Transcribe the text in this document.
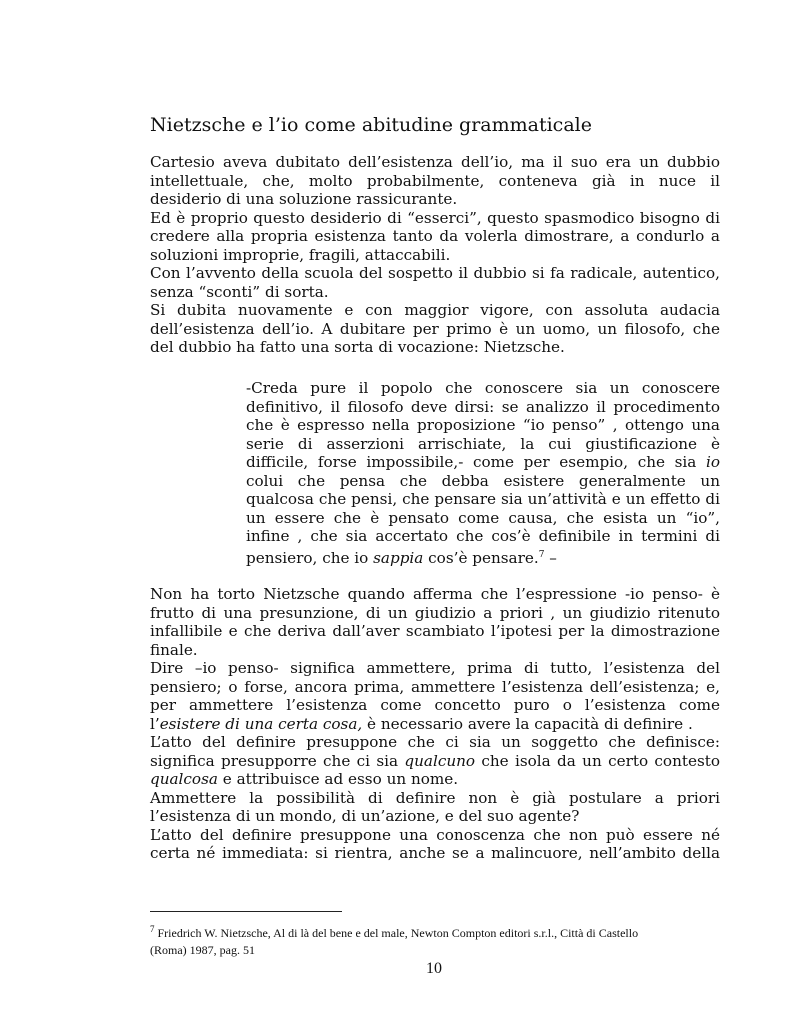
Nietzsche e l’io come abitudine grammaticale
Cartesio aveva dubitato dell’esistenza dell’io, ma il suo era un dubbio
intellettuale, che, molto probabilmente, conteneva già in nuce il
desiderio di una soluzione rassicurante.
Ed è proprio questo desiderio di “esserci”, questo spasmodico bisogno di
credere alla propria esistenza tanto da volerla dimostrare, a condurlo a
soluzioni improprie, fragili, attaccabili.
Con l’avvento della scuola del sospetto il dubbio si fa radicale, autentico,
senza “sconti” di sorta.
Si dubita nuovamente e con maggior vigore, con assoluta audacia
dell’esistenza dell’io. A dubitare per primo è un uomo, un filosofo, che
del dubbio ha fatto una sorta di vocazione: Nietzsche.
-Creda pure il popolo che conoscere sia un conoscere
definitivo, il filosofo deve dirsi: se analizzo il procedimento
che è espresso nella proposizione “io penso” , ottengo una
serie di asserzioni arrischiate, la cui giustificazione è
difficile, forse impossibile,- come per esempio, che sia io
colui che pensa che debba esistere generalmente un
qualcosa che pensi, che pensare sia un’attività e un effetto di
un essere che è pensato come causa, che esista un “io”,
infine , che sia accertato che cos’è definibile in termini di
pensiero, che io sappia cos’è pensare.$^7$ –
Non ha torto Nietzsche quando afferma che l’espressione -io penso- è
frutto di una presunzione, di un giudizio a priori , un giudizio ritenuto
infallibile e che deriva dall’aver scambiato l’ipotesi per la dimostrazione
finale.
Dire –io penso- significa ammettere, prima di tutto, l’esistenza del
pensiero; o forse, ancora prima, ammettere l’esistenza dell’esistenza; e,
per ammettere l’esistenza come concetto puro o l’esistenza come
l’esistere di una certa cosa, è necessario avere la capacità di definire .
L’atto del definire presuppone che ci sia un soggetto che definisce:
significa presupporre che ci sia qualcuno che isola da un certo contesto
qualcosa e attribuisce ad esso un nome.
Ammettere la possibilità di definire non è già postulare a priori
l’esistenza di un mondo, di un’azione, e del suo agente?
L’atto del definire presuppone una conoscenza che non può essere né
certa né immediata: si rientra, anche se a malincuore, nell’ambito della
$^7$ Friedrich W. Nietzsche, Al di là del bene e del male, Newton Compton editori s.r.l., Città di Castello
(Roma) 1987, pag. 51
10
